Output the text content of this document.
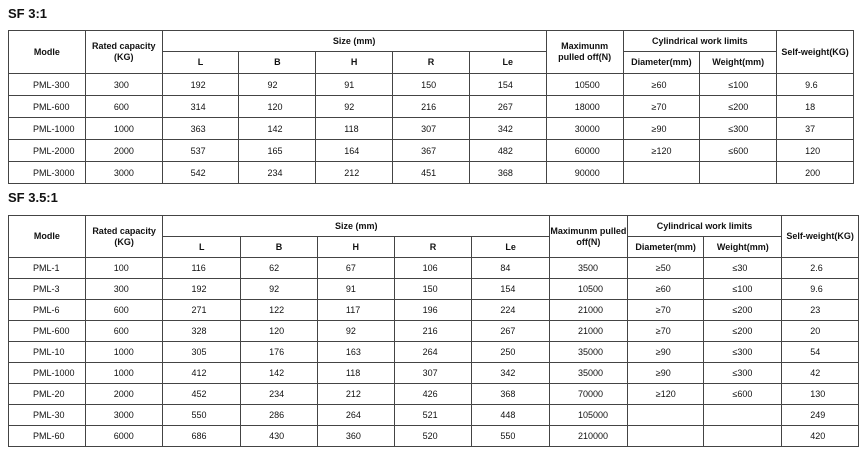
SF 3:1
Modle	Rated capacity (KG)	Size (mm)					Maximunm pulled off(N)	Cylindrical work limits		Self-weight(KG)
		L	B	H	R	Le		Diameter(mm)	Weight(mm)	
PML-300	300	192	92	91	150	154	10500	≥60	≤100	9.6
PML-600	600	314	120	92	216	267	18000	≥70	≤200	18
PML-1000	1000	363	142	118	307	342	30000	≥90	≤300	37
PML-2000	2000	537	165	164	367	482	60000	≥120	≤600	120
PML-3000	3000	542	234	212	451	368	90000			200
SF 3.5:1
Modle	Rated capacity (KG)	Size (mm)					Maximunm pulled off(N)	Cylindrical work limits		Self-weight(KG)
		L	B	H	R	Le		Diameter(mm)	Weight(mm)	
PML-1	100	116	62	67	106	84	3500	≥50	≤30	2.6
PML-3	300	192	92	91	150	154	10500	≥60	≤100	9.6
PML-6	600	271	122	117	196	224	21000	≥70	≤200	23
PML-600	600	328	120	92	216	267	21000	≥70	≤200	20
PML-10	1000	305	176	163	264	250	35000	≥90	≤300	54
PML-1000	1000	412	142	118	307	342	35000	≥90	≤300	42
PML-20	2000	452	234	212	426	368	70000	≥120	≤600	130
PML-30	3000	550	286	264	521	448	105000			249
PML-60	6000	686	430	360	520	550	210000			420
